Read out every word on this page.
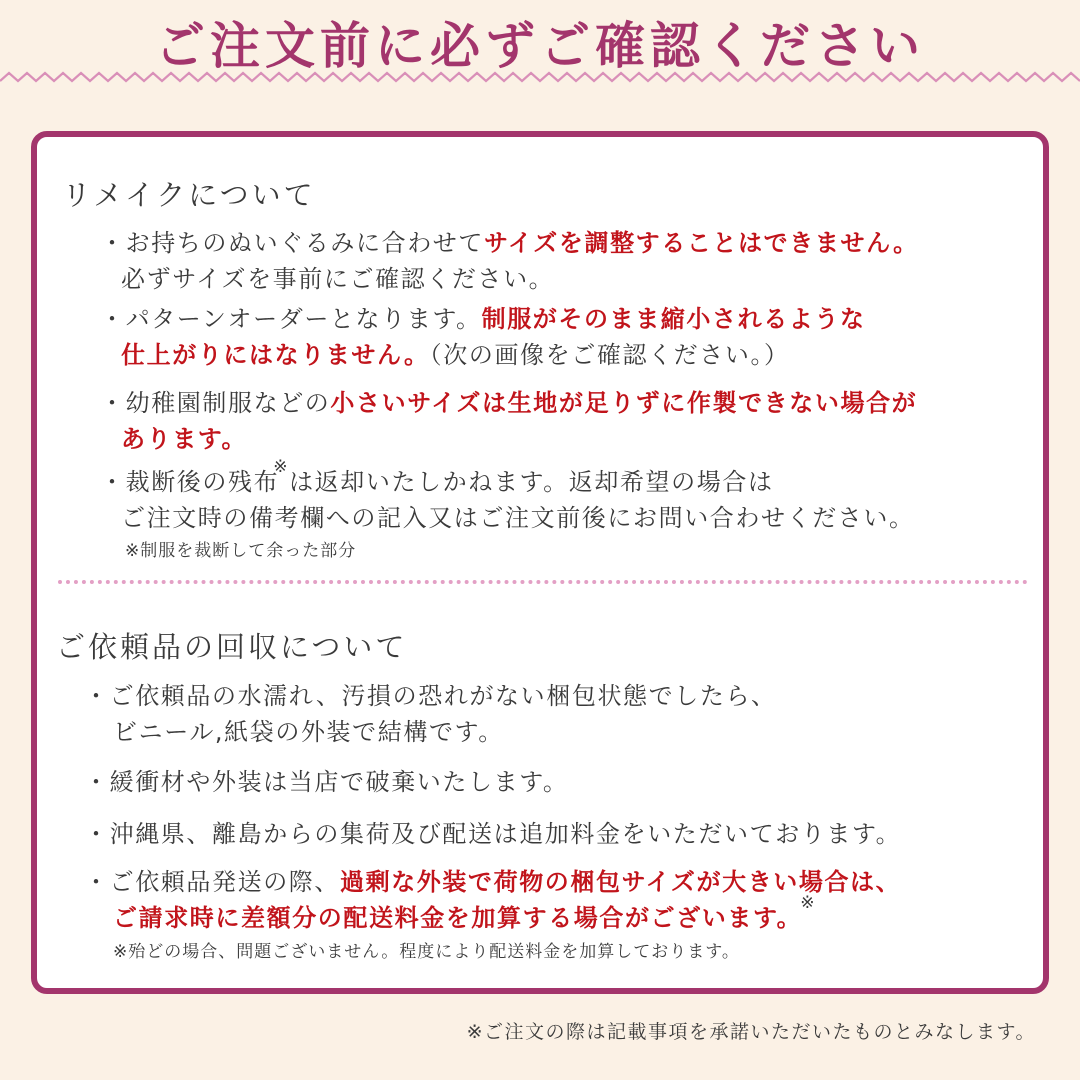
ご注文前に必ずご確認ください
リメイクについて

・お持ちのぬいぐるみに合わせてサイズを調整することはできません。

必ずサイズを事前にご確認ください。

・パターンオーダーとなります。制服がそのまま縮小されるような

仕上がりにはなりません。（次の画像をご確認ください。）

・幼稚園制服などの小さいサイズは生地が足りずに作製できない場合が

あります。

・裁断後の残布※は返却いたしかねます。返却希望の場合は

ご注文時の備考欄への記入又はご注文前後にお問い合わせください。

※制服を裁断して余った部分

ご依頼品の回収について

・ご依頼品の水濡れ、汚損の恐れがない梱包状態でしたら、

ビニール,紙袋の外装で結構です。

・緩衝材や外装は当店で破棄いたします。

・沖縄県、離島からの集荷及び配送は追加料金をいただいております。

・ご依頼品発送の際、過剰な外装で荷物の梱包サイズが大きい場合は、

ご請求時に差額分の配送料金を加算する場合がございます。※

※殆どの場合、問題ございません。程度により配送料金を加算しております。

※ご注文の際は記載事項を承諾いただいたものとみなします。
